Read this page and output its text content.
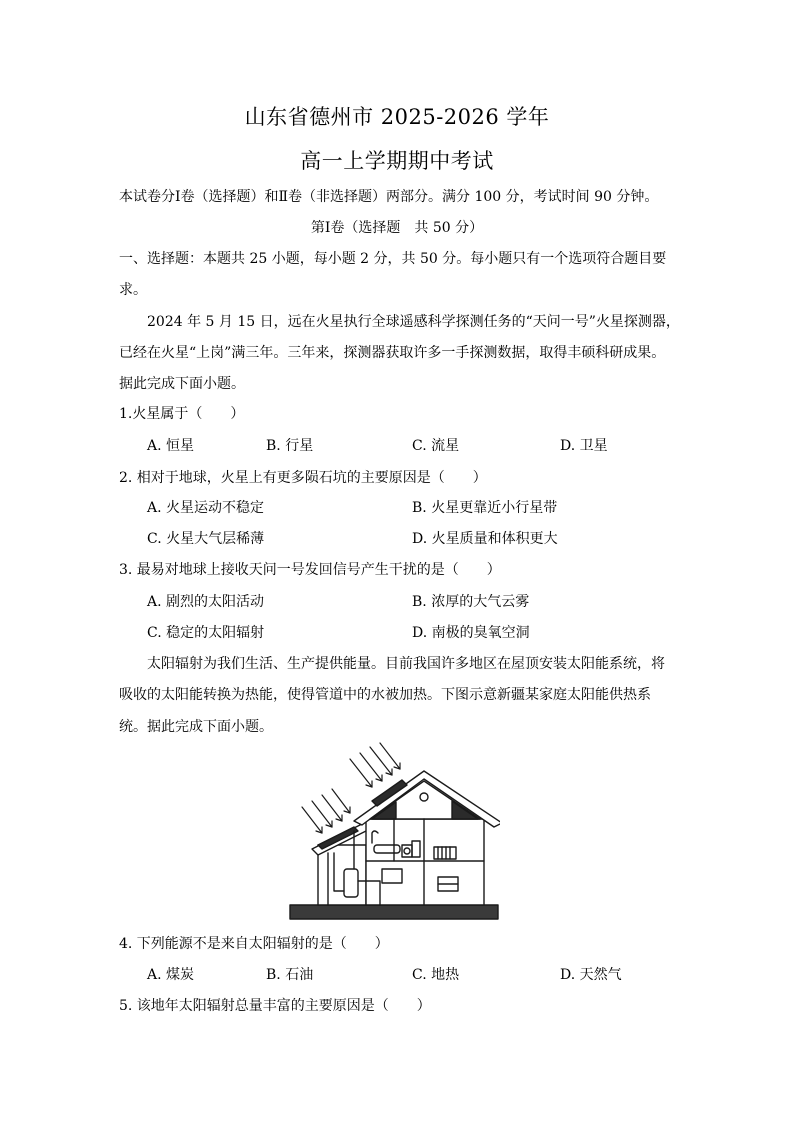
山东省德州市 2025-2026 学年
高一上学期期中考试
本试卷分Ⅰ卷（选择题）和Ⅱ卷（非选择题）两部分。满分 100 分，考试时间 90 分钟。
第Ⅰ卷（选择题　共 50 分）
一、选择题：本题共 25 小题，每小题 2 分，共 50 分。每小题只有一个选项符合题目要
求。
2024 年 5 月 15 日，远在火星执行全球遥感科学探测任务的“天问一号”火星探测器，
已经在火星“上岗”满三年。三年来，探测器获取许多一手探测数据，取得丰硕科研成果。
据此完成下面小题。
1.火星属于（　　）
A. 恒星	B. 行星	C. 流星	D. 卫星
2. 相对于地球，火星上有更多陨石坑的主要原因是（　　）
A. 火星运动不稳定	B. 火星更靠近小行星带
C. 火星大气层稀薄	D. 火星质量和体积更大
3. 最易对地球上接收天问一号发回信号产生干扰的是（　　）
A. 剧烈的太阳活动	B. 浓厚的大气云雾
C. 稳定的太阳辐射	D. 南极的臭氧空洞
太阳辐射为我们生活、生产提供能量。目前我国许多地区在屋顶安装太阳能系统，将
吸收的太阳能转换为热能，使得管道中的水被加热。下图示意新疆某家庭太阳能供热系
统。据此完成下面小题。
4. 下列能源不是来自太阳辐射的是（　　）
A. 煤炭	B. 石油	C. 地热	D. 天然气
5. 该地年太阳辐射总量丰富的主要原因是（　　）
